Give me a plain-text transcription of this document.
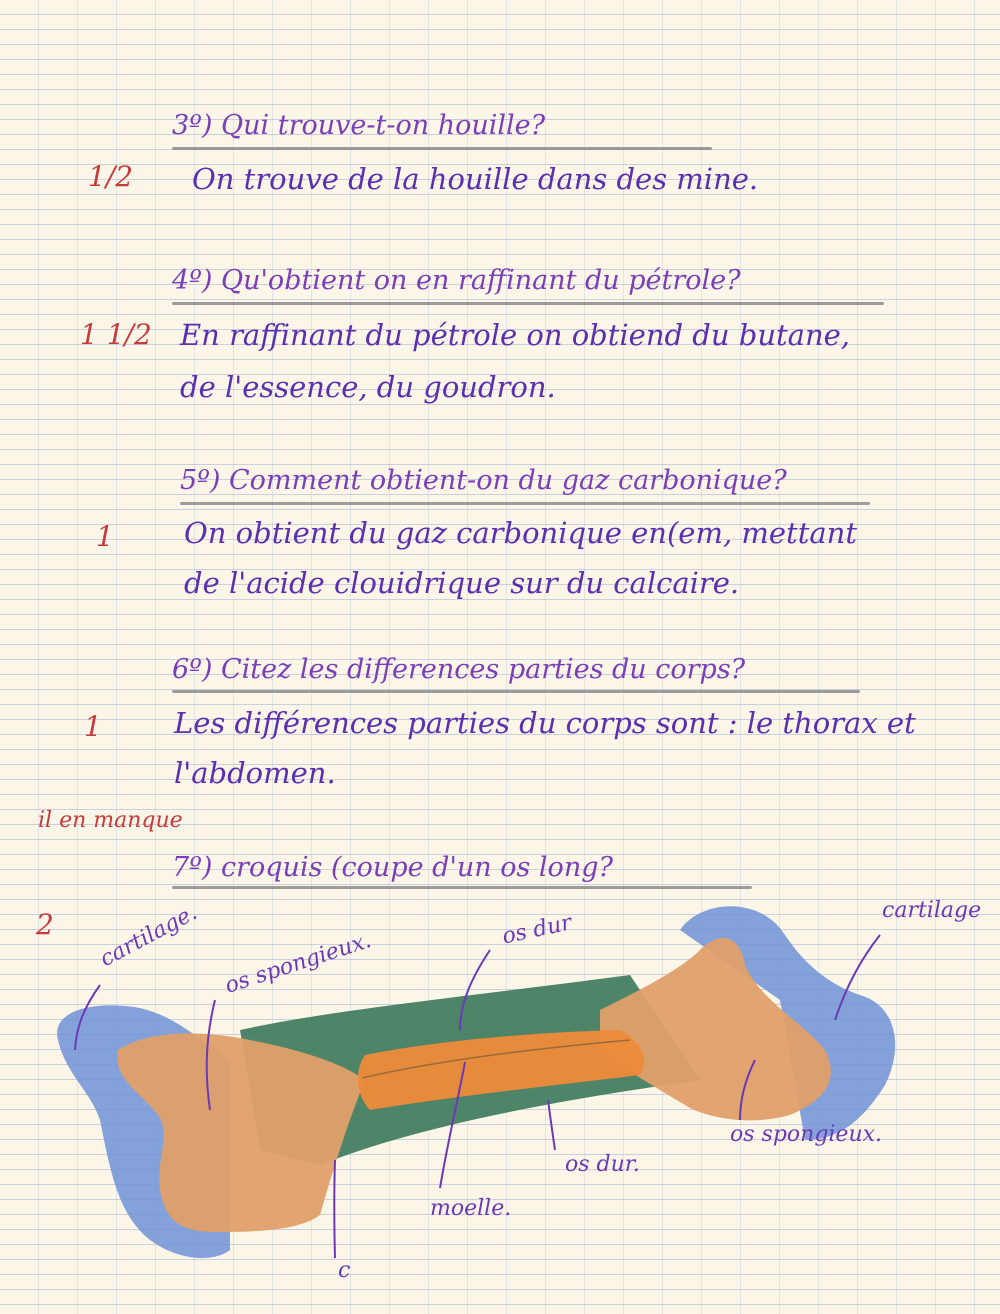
3º) Qui trouve-t-on houille?
1/2 On trouve de la houille dans des mine.
4º) Qu'obtient on en raffinant du pétrole?
1 1/2 En raffinant du pétrole on obtiend du butane,
de l'essence, du goudron.
5º) Comment obtient-on du gaz carbonique?
1 On obtient du gaz carbonique en(em, mettant
de l'acide clouidrique sur du calcaire.
6º) Citez les differences parties du corps?
1 Les différences parties du corps sont : le thorax et
l'abdomen.
il en manque
7º) croquis (coupe d'un os long?
2 cartilage. os spongieux.	os dur	cartilage
os spongieux.
os dur.
moelle.
c
